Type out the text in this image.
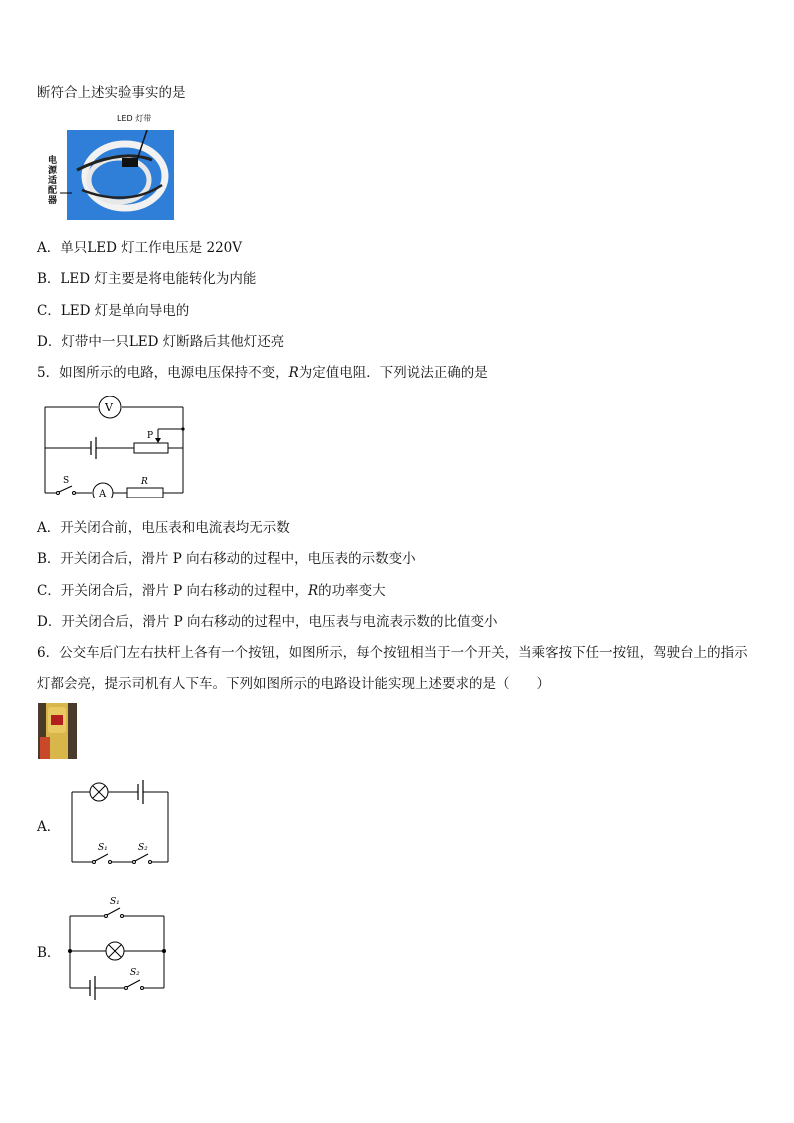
断符合上述实验事实的是
LED 灯带
电源适配器
A．单只LED 灯工作电压是 220V
B．LED 灯主要是将电能转化为内能
C．LED 灯是单向导电的
D．灯带中一只LED 灯断路后其他灯还亮
5．如图所示的电路，电源电压保持不变，R为定值电阻．下列说法正确的是
V
P
S
A
R
A．开关闭合前，电压表和电流表均无示数
B．开关闭合后，滑片 P 向右移动的过程中，电压表的示数变小
C．开关闭合后，滑片 P 向右移动的过程中，R的功率变大
D．开关闭合后，滑片 P 向右移动的过程中，电压表与电流表示数的比值变小
6．公交车后门左右扶杆上各有一个按钮，如图所示，每个按钮相当于一个开关，当乘客按下任一按钮，驾驶台上的指示灯都会亮，提示司机有人下车。下列如图所示的电路设计能实现上述要求的是（　　）
A．
S₁	S₂
B．
S₁
S₂
